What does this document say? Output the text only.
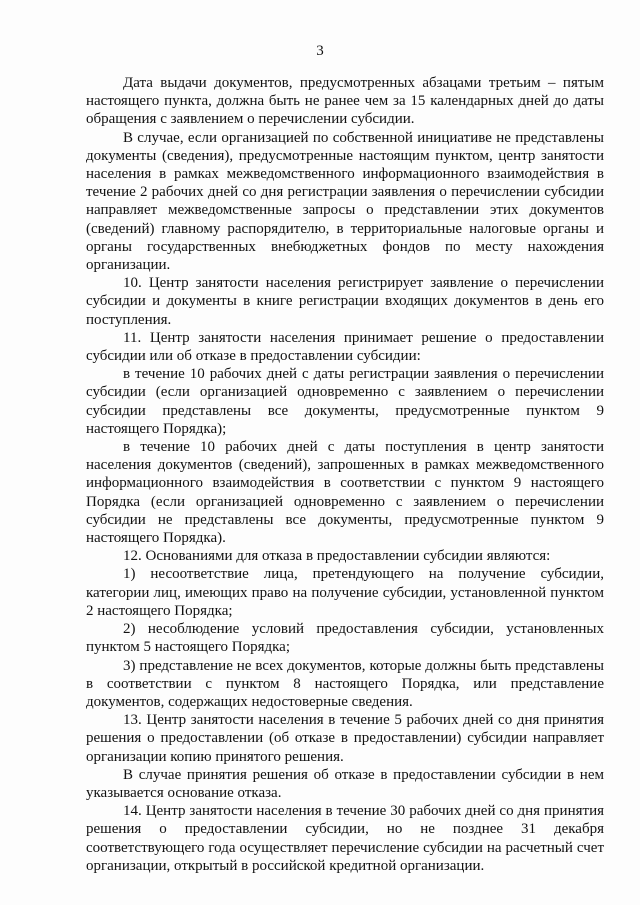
3

Дата выдачи документов, предусмотренных абзацами третьим – пятым настоящего пункта, должна быть не ранее чем за 15 календарных дней до даты обращения с заявлением о перечислении субсидии.

В случае, если организацией по собственной инициативе не представлены документы (сведения), предусмотренные настоящим пунктом, центр занятости населения в рамках межведомственного информационного взаимодействия в течение 2 рабочих дней со дня регистрации заявления о перечислении субсидии направляет межведомственные запросы о представлении этих документов (сведений) главному распорядителю, в территориальные налоговые органы и органы государственных внебюджетных фондов по месту нахождения организации.

10. Центр занятости населения регистрирует заявление о перечислении субсидии и документы в книге регистрации входящих документов в день его поступления.

11. Центр занятости населения принимает решение о предоставлении субсидии или об отказе в предоставлении субсидии:

в течение 10 рабочих дней с даты регистрации заявления о перечислении субсидии (если организацией одновременно с заявлением о перечислении субсидии представлены все документы, предусмотренные пунктом 9 настоящего Порядка);

в течение 10 рабочих дней с даты поступления в центр занятости населения документов (сведений), запрошенных в рамках межведомственного информационного взаимодействия в соответствии с пунктом 9 настоящего Порядка (если организацией одновременно с заявлением о перечислении субсидии не представлены все документы, предусмотренные пунктом 9 настоящего Порядка).

12. Основаниями для отказа в предоставлении субсидии являются:

1) несоответствие лица, претендующего на получение субсидии, категории лиц, имеющих право на получение субсидии, установленной пунктом 2 настоящего Порядка;

2) несоблюдение условий предоставления субсидии, установленных пунктом 5 настоящего Порядка;

3) представление не всех документов, которые должны быть представлены в соответствии с пунктом 8 настоящего Порядка, или представление документов, содержащих недостоверные сведения.

13. Центр занятости населения в течение 5 рабочих дней со дня принятия решения о предоставлении (об отказе в предоставлении) субсидии направляет организации копию принятого решения.

В случае принятия решения об отказе в предоставлении субсидии в нем указывается основание отказа.

14. Центр занятости населения в течение 30 рабочих дней со дня принятия решения о предоставлении субсидии, но не позднее 31 декабря соответствующего года осуществляет перечисление субсидии на расчетный счет организации, открытый в российской кредитной организации.
